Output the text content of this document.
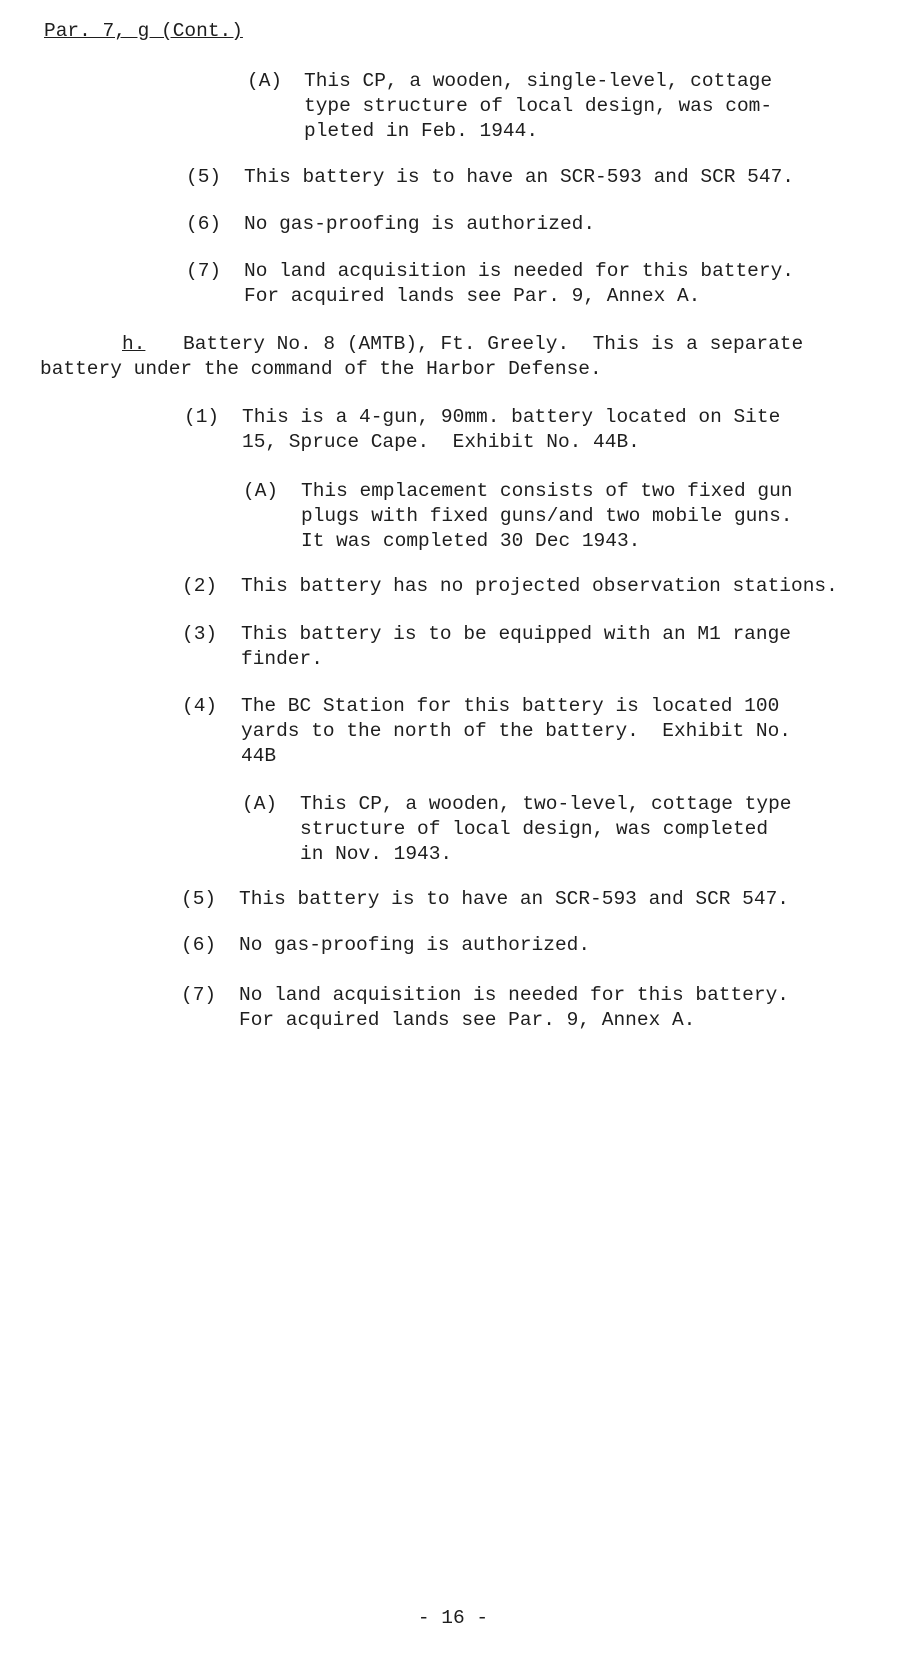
Par. 7, g (Cont.)
(A) This CP, a wooden, single-level, cottage
type structure of local design, was com-
pleted in Feb. 1944.
(5) This battery is to have an SCR-593 and SCR 547.
(6) No gas-proofing is authorized.
(7) No land acquisition is needed for this battery.
For acquired lands see Par. 9, Annex A.
h. Battery No. 8 (AMTB), Ft. Greely.  This is a separate
battery under the command of the Harbor Defense.
(1) This is a 4-gun, 90mm. battery located on Site
15, Spruce Cape.  Exhibit No. 44B.
(A) This emplacement consists of two fixed gun
plugs with fixed guns/and two mobile guns.
It was completed 30 Dec 1943.
(2) This battery has no projected observation stations.
(3) This battery is to be equipped with an M1 range
finder.
(4) The BC Station for this battery is located 100
yards to the north of the battery.  Exhibit No.
44B
(A) This CP, a wooden, two-level, cottage type
structure of local design, was completed
in Nov. 1943.
(5) This battery is to have an SCR-593 and SCR 547.
(6) No gas-proofing is authorized.
(7) No land acquisition is needed for this battery.
For acquired lands see Par. 9, Annex A.
- 16 -
